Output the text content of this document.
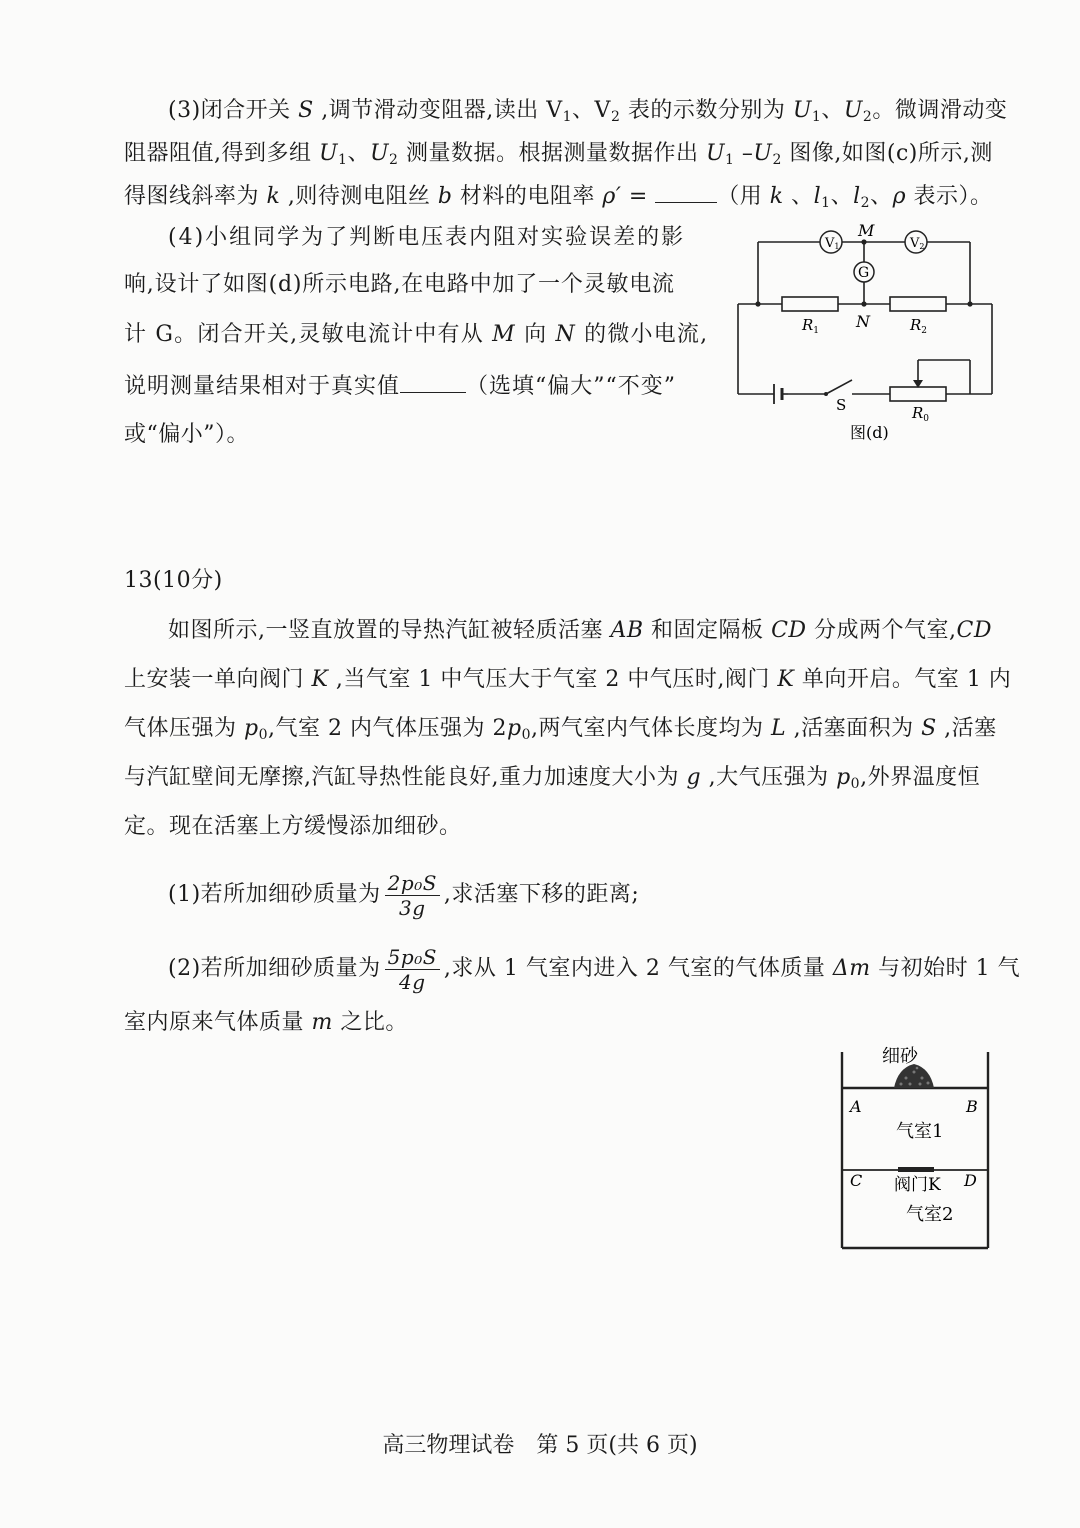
(3)闭合开关 S ,调节滑动变阻器,读出 $V_1$、$V_2$ 表的示数分别为 $U_1$、$U_2$。微调滑动变
阻器阻值,得到多组 $U_1$、$U_2$ 测量数据。根据测量数据作出 $U_1$ $-U_2$ 图像,如图(c)所示,测
得图线斜率为 k ,则待测电阻丝 b 材料的电阻率 ρ′ =	（用 k 、$l_1$、$l_2$、ρ 表示）。
(4)小组同学为了判断电压表内阻对实验误差的影
响,设计了如图(d)所示电路,在电路中加了一个灵敏电流
计 G。闭合开关,灵敏电流计中有从 M 向 N 的微小电流,
说明测量结果相对于真实值	（选填“偏大”“不变”
或“偏小”）。
V1	V2
G
M
N
$R_1$	$R_2$
$R_0$
S
图(d)
13(10分)
如图所示,一竖直放置的导热汽缸被轻质活塞 AB 和固定隔板 CD 分成两个气室,CD
上安装一单向阀门 K ,当气室 1 中气压大于气室 2 中气压时,阀门 K 单向开启。气室 1 内
气体压强为 $p_0$,气室 2 内气体压强为 $2p_0$,两气室内气体长度均为 L ,活塞面积为 S ,活塞
与汽缸壁间无摩擦,汽缸导热性能良好,重力加速度大小为 g ,大气压强为 $p_0$,外界温度恒
定。现在活塞上方缓慢添加细砂。
(1)若所加细砂质量为 $\frac{\text{2p₀S}}{3g}$ ,求活塞下移的距离;
(2)若所加细砂质量为 $\frac{\text{5p₀S}}{4g}$ ,求从 1 气室内进入 2 气室的气体质量 Δm 与初始时 1 气
室内原来气体质量 m 之比。
细砂
A	B
气室1
C	D
阀门K
气室2
高三物理试卷　第 5 页(共 6 页)
